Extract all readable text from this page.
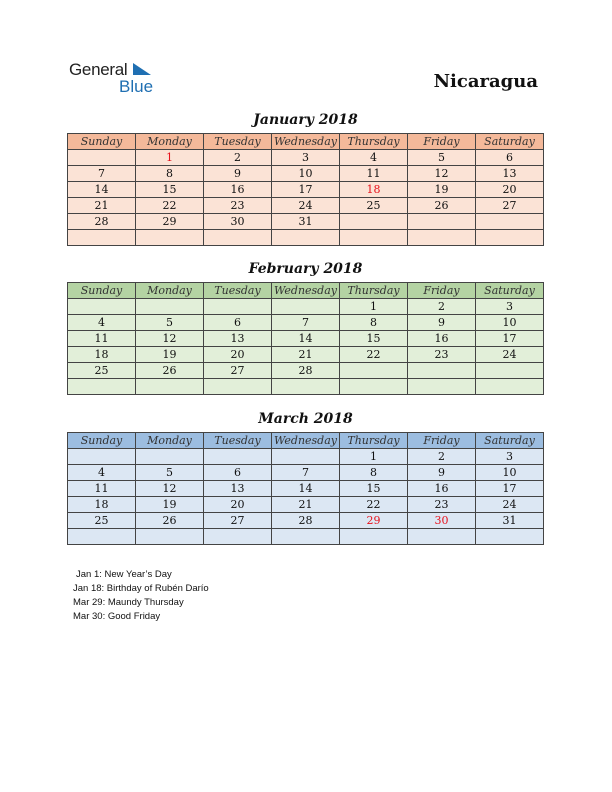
General
Blue	Nicaragua
January 2018
Sunday	Monday	Tuesday	Wednesday	Thursday	Friday	Saturday
	1	2	3	4	5	6
7	8	9	10	11	12	13
14	15	16	17	18	19	20
21	22	23	24	25	26	27
28	29	30	31			

February 2018
Sunday	Monday	Tuesday	Wednesday	Thursday	Friday	Saturday
				1	2	3
4	5	6	7	8	9	10
11	12	13	14	15	16	17
18	19	20	21	22	23	24
25	26	27	28			

March 2018
Sunday	Monday	Tuesday	Wednesday	Thursday	Friday	Saturday
				1	2	3
4	5	6	7	8	9	10
11	12	13	14	15	16	17
18	19	20	21	22	23	24
25	26	27	28	29	30	31

Jan 1: New Year’s Day
Jan 18: Birthday of Rubén Darío
Mar 29: Maundy Thursday
Mar 30: Good Friday
